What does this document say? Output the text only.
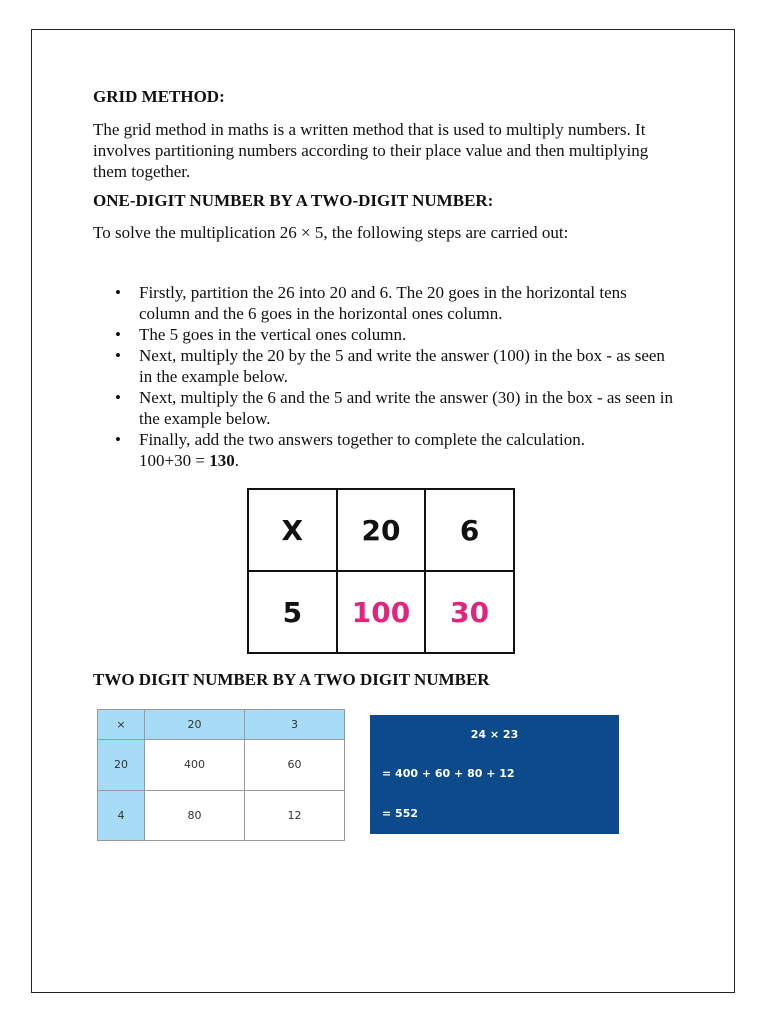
GRID METHOD:

The grid method in maths is a written method that is used to multiply numbers. It involves partitioning numbers according to their place value and then multiplying them together.

ONE-DIGIT NUMBER BY A TWO-DIGIT NUMBER:

To solve the multiplication 26 × 5, the following steps are carried out:

• Firstly, partition the 26 into 20 and 6. The 20 goes in the horizontal tens column and the 6 goes in the horizontal ones column.
• The 5 goes in the vertical ones column.
• Next, multiply the 20 by the 5 and write the answer (100) in the box - as seen in the example below.
• Next, multiply the 6 and the 5 and write the answer (30) in the box - as seen in the example below.
• Finally, add the two answers together to complete the calculation.
100+30 = 130.
X	20	6
5	100	30

TWO DIGIT NUMBER BY A TWO DIGIT NUMBER

×	20	3
20	400	60
4	80	12
24 × 23
= 400 + 60 + 80 + 12
= 552
